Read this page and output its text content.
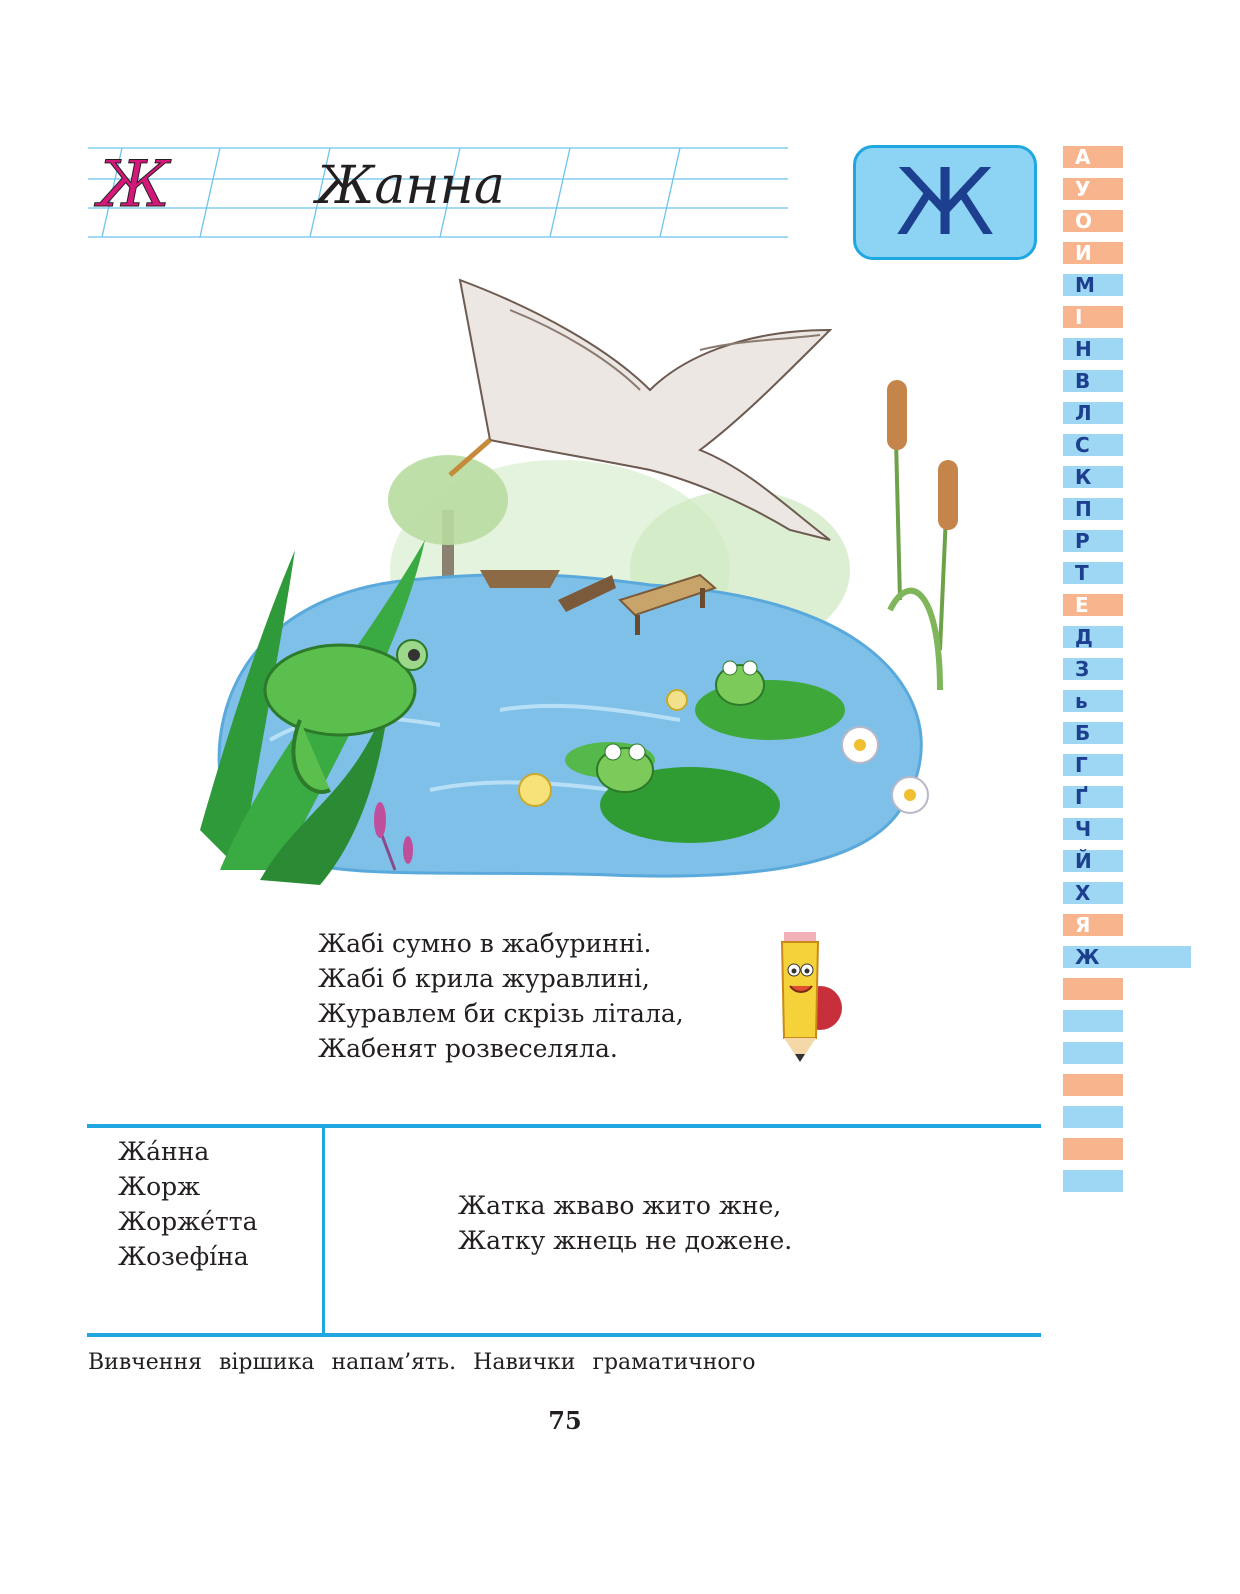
Ж	Жанна	Ж	А
У
О
И
М
І
Н
В
Л
С
К
П
Р
Т
Е
Д
З
ь
Б
Г
Ґ
Ч
Й
Х
Я
Ж
Жабі сумно в жабуринні.
Жабі б крила журавлині,
Журавлем би скрізь літала,
Жабенят розвеселяла.
Жа́нна
Жорж
Жорже́тта
Жозефі́на
Жатка жваво жито жне,
Жатку жнець не дожене.
Вивчення віршика напам’ять. Навички граматичного
75
